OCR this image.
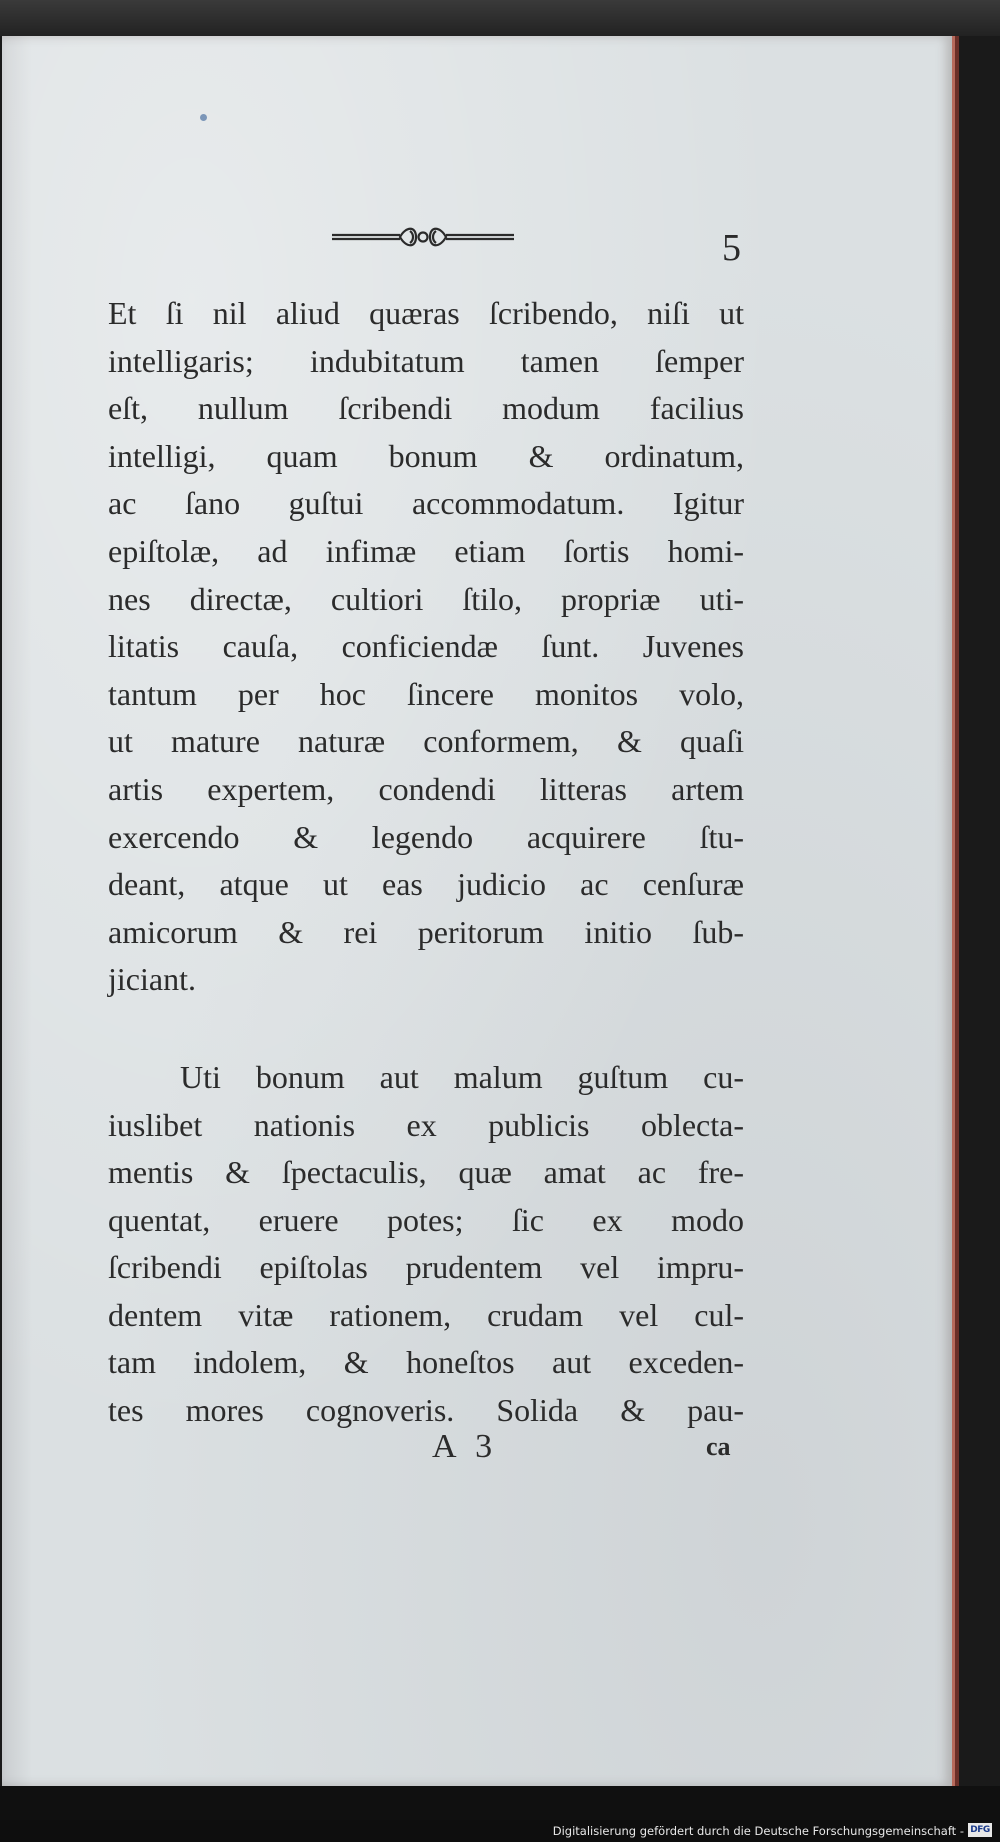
5
Et ſi nil aliud quæras ſcribendo, niſi ut
intelligaris; indubitatum tamen ſemper
eſt, nullum ſcribendi modum facilius
intelligi, quam bonum & ordinatum,
ac ſano guſtui accommodatum. Igitur
epiſtolæ, ad infimæ etiam ſortis homi-
nes directæ, cultiori ſtilo, propriæ uti-
litatis cauſa, conficiendæ ſunt. Juvenes
tantum per hoc ſincere monitos volo,
ut mature naturæ conformem, & quaſi
artis expertem, condendi litteras artem
exercendo & legendo acquirere ſtu-
deant, atque ut eas judicio ac cenſuræ
amicorum & rei peritorum initio ſub-
jiciant.
Uti bonum aut malum guſtum cu-
iuslibet nationis ex publicis oblecta-
mentis & ſpectaculis, quæ amat ac fre-
quentat, eruere potes; ſic ex modo
ſcribendi epiſtolas prudentem vel impru-
dentem vitæ rationem, crudam vel cul-
tam indolem, & honeſtos aut exceden-
tes mores cognoveris. Solida & pau-
A 3	ca
Digitalisierung gefördert durch die Deutsche Forschungsgemeinschaft - DFG
